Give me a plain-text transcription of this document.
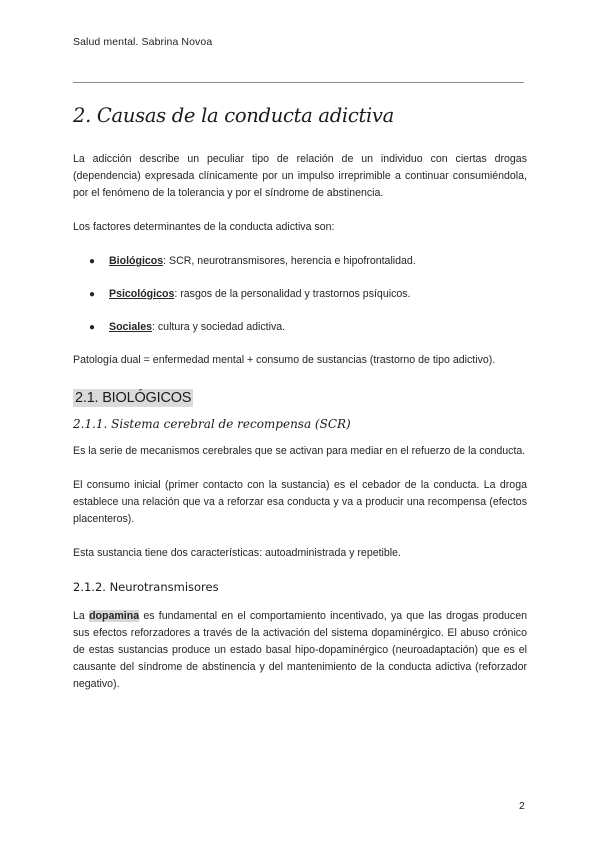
Salud mental. Sabrina Novoa
2. Causas de la conducta adictiva

La adicción describe un peculiar tipo de relación de un individuo con ciertas drogas (dependencia) expresada clínicamente por un impulso irreprimible a continuar consumiéndola, por el fenómeno de la tolerancia y por el síndrome de abstinencia.

Los factores determinantes de la conducta adictiva son:

● Biológicos: SCR, neurotransmisores, herencia e hipofrontalidad.
● Psicológicos: rasgos de la personalidad y trastornos psíquicos.
● Sociales: cultura y sociedad adictiva.

Patología dual = enfermedad mental + consumo de sustancias (trastorno de tipo adictivo).

2.1. BIOLÓGICOS
2.1.1. Sistema cerebral de recompensa (SCR)

Es la serie de mecanismos cerebrales que se activan para mediar en el refuerzo de la conducta.

El consumo inicial (primer contacto con la sustancia) es el cebador de la conducta. La droga establece una relación que va a reforzar esa conducta y va a producir una recompensa (efectos placenteros).

Esta sustancia tiene dos características: autoadministrada y repetible.

2.1.2. Neurotransmisores

La dopamina es fundamental en el comportamiento incentivado, ya que las drogas producen sus efectos reforzadores a través de la activación del sistema dopaminérgico. El abuso crónico de estas sustancias produce un estado basal hipo-dopaminérgico (neuroadaptación) que es el causante del síndrome de abstinencia y del mantenimiento de la conducta adictiva (reforzador negativo).

2
